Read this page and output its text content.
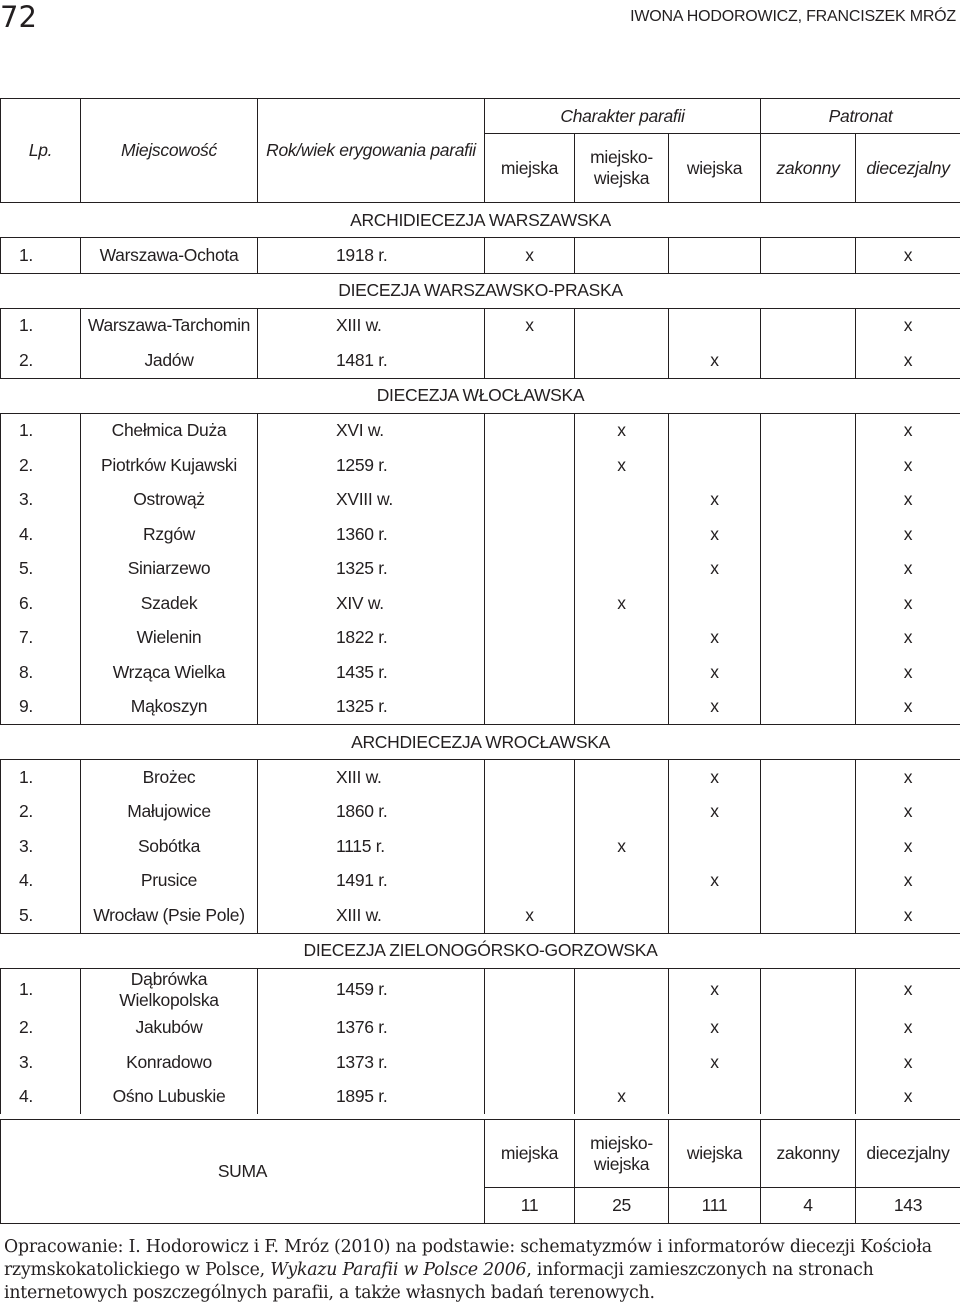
72	IWONA HODOROWICZ, FRANCISZEK MRÓZ
Lp.	Miejscowość	Rok/wiek erygowania parafii	Charakter parafii			Patronat	
			miejska	miejsko-
wiejska	wiejska	zakonny	diecezjalny
ARCHIDIECEZJA WARSZAWSKA							
1.	Warszawa-Ochota	1918 r.	x				x
DIECEZJA WARSZAWSKO-PRASKA							
1.	Warszawa-Tarchomin	XIII w.	x				x
2.	Jadów	1481 r.			x		x
DIECEZJA WŁOCŁAWSKA							
1.	Chełmica Duża	XVI w.		x			x
2.	Piotrków Kujawski	1259 r.		x			x
3.	Ostrowąż	XVIII w.			x		x
4.	Rzgów	1360 r.			x		x
5.	Siniarzewo	1325 r.			x		x
6.	Szadek	XIV w.		x			x
7.	Wielenin	1822 r.			x		x
8.	Wrząca Wielka	1435 r.			x		x
9.	Mąkoszyn	1325 r.			x		x
ARCHDIECEZJA WROCŁAWSKA							
1.	Brożec	XIII w.			x		x
2.	Małujowice	1860 r.			x		x
3.	Sobótka	1115 r.		x			x
4.	Prusice	1491 r.			x		x
5.	Wrocław (Psie Pole)	XIII w.	x				x
DIECEZJA ZIELONOGÓRSKO-GORZOWSKA							
1.	Dąbrówka Wielkopolska	1459 r.			x		x
2.	Jakubów	1376 r.			x		x
3.	Konradowo	1373 r.			x		x
4.	Ośno Lubuskie	1895 r.		x			x
SUMA	miejska	miejsko-
wiejska	wiejska	zakonny	diecezjalny
	11	25	111	4	143
Opracowanie: I. Hodorowicz i F. Mróz (2010) na podstawie: schematyzmów i informatorów diecezji Kościoła rzymskokatolickiego w Polsce, Wykazu Parafii w Polsce 2006, informacji zamieszczonych na stronach internetowych poszczególnych parafii, a także własnych badań terenowych.
